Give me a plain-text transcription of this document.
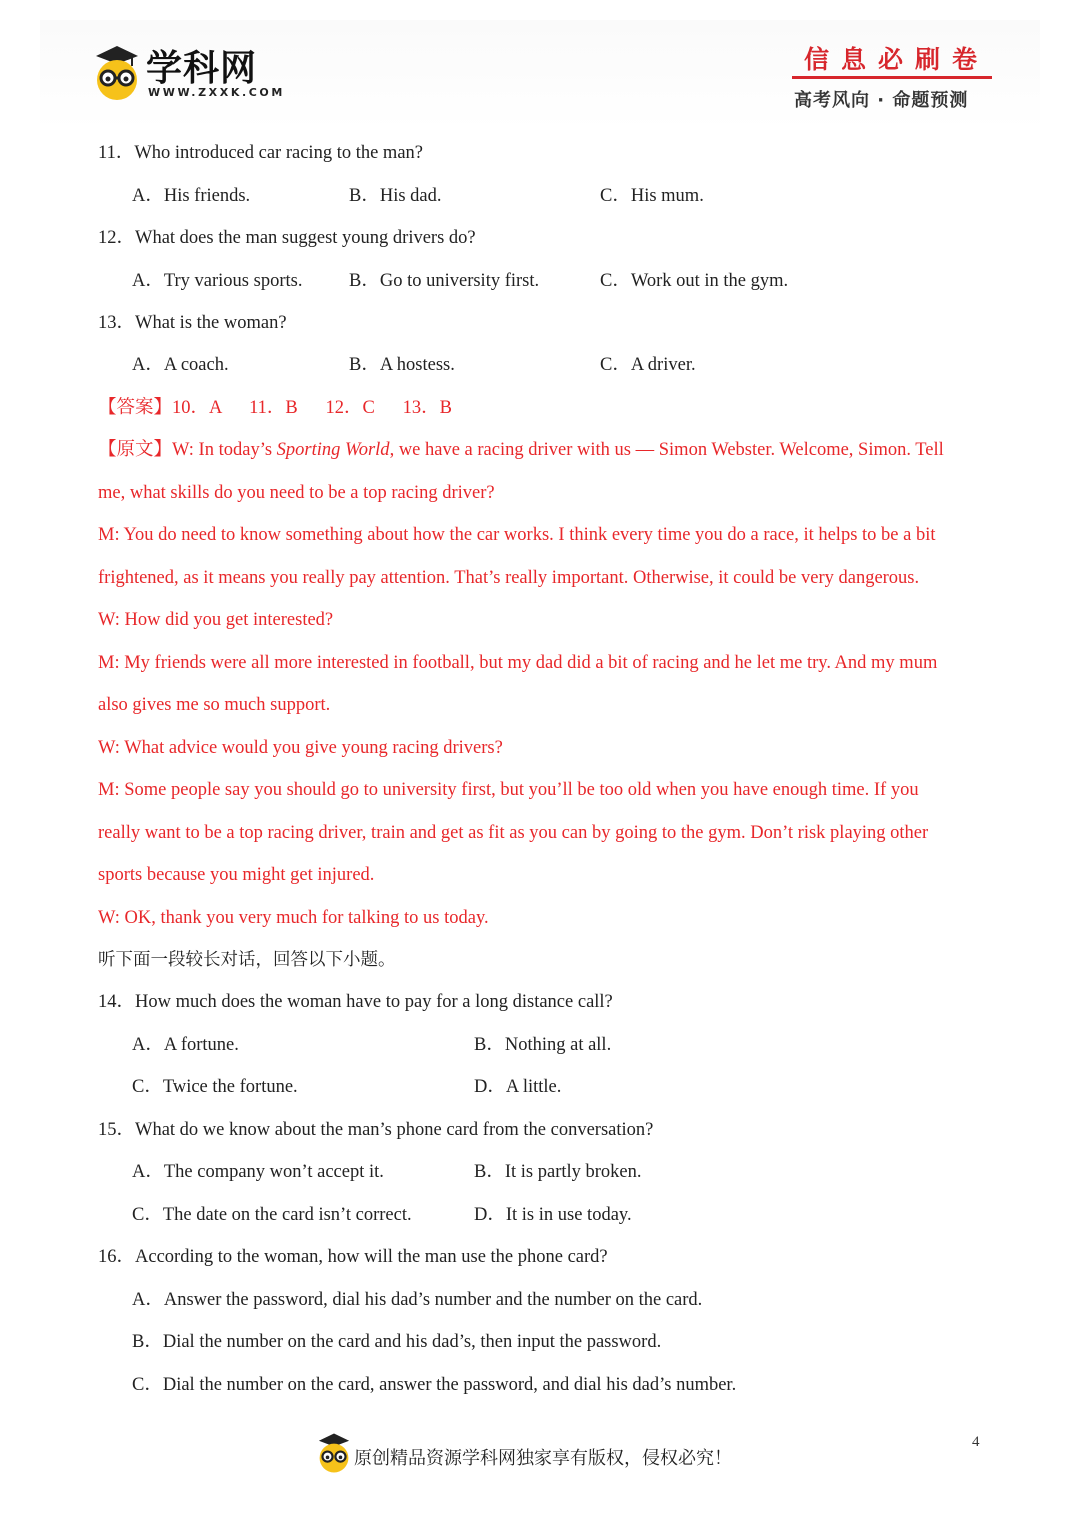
学科网
WWW.ZXXK.COM
信息必刷卷
高考风向 · 命题预测
11．Who introduced car racing to the man?
A．His friends.	B．His dad.	C．His mum.
12．What does the man suggest young drivers do?
A．Try various sports.	B．Go to university first.	C．Work out in the gym.
13．What is the woman?
A．A coach.	B．A hostess.	C．A driver.
【答案】10．A      11．B      12．C      13．B
【原文】W: In today’s Sporting World, we have a racing driver with us — Simon Webster. Welcome, Simon. Tell
me, what skills do you need to be a top racing driver?
M: You do need to know something about how the car works. I think every time you do a race, it helps to be a bit
frightened, as it means you really pay attention. That’s really important. Otherwise, it could be very dangerous.
W: How did you get interested?
M: My friends were all more interested in football, but my dad did a bit of racing and he let me try. And my mum
also gives me so much support.
W: What advice would you give young racing drivers?
M: Some people say you should go to university first, but you’ll be too old when you have enough time. If you
really want to be a top racing driver, train and get as fit as you can by going to the gym. Don’t risk playing other
sports because you might get injured.
W: OK, thank you very much for talking to us today.
听下面一段较长对话，回答以下小题。
14．How much does the woman have to pay for a long distance call?
A．A fortune.	B．Nothing at all.
C．Twice the fortune.	D．A little.
15．What do we know about the man’s phone card from the conversation?
A．The company won’t accept it.	B．It is partly broken.
C．The date on the card isn’t correct.	D．It is in use today.
16．According to the woman, how will the man use the phone card?
A．Answer the password, dial his dad’s number and the number on the card.
B．Dial the number on the card and his dad’s, then input the password.
C．Dial the number on the card, answer the password, and dial his dad’s number.
原创精品资源学科网独家享有版权，侵权必究！
4
